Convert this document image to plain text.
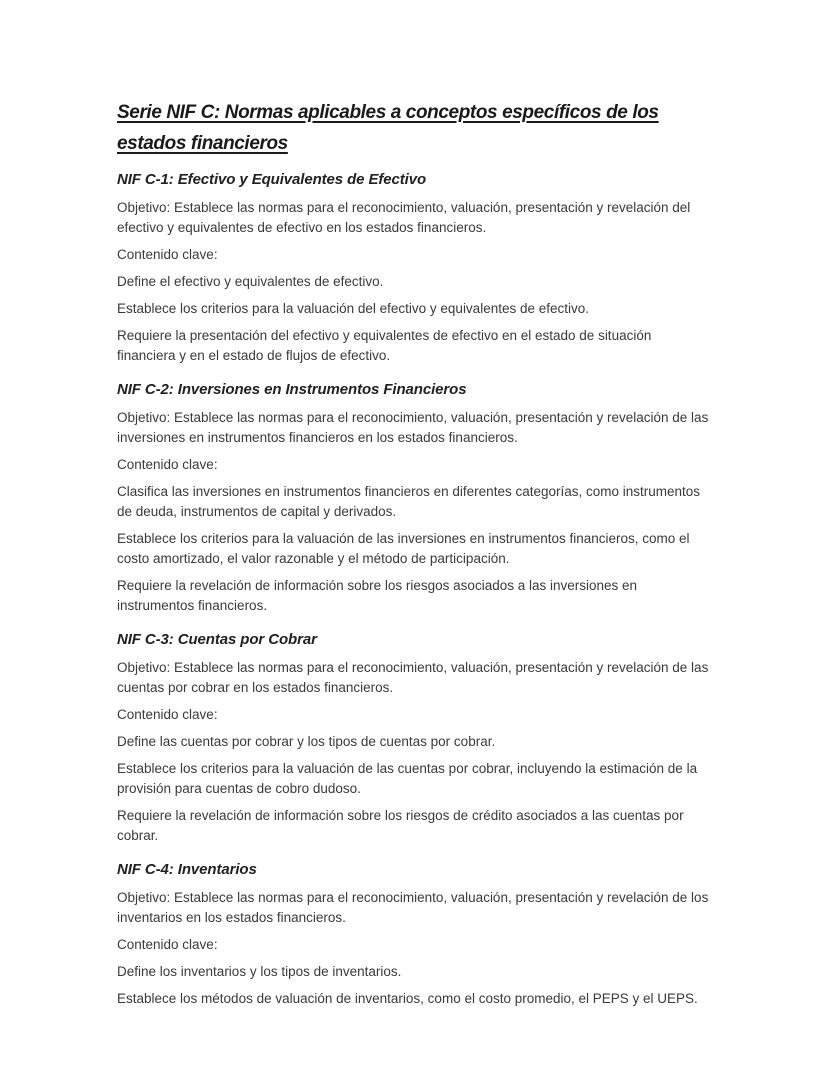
Serie NIF C: Normas aplicables a conceptos específicos de los
estados financieros
NIF C-1: Efectivo y Equivalentes de Efectivo

Objetivo: Establece las normas para el reconocimiento, valuación, presentación y revelación del efectivo y equivalentes de efectivo en los estados financieros.

Contenido clave:

Define el efectivo y equivalentes de efectivo.

Establece los criterios para la valuación del efectivo y equivalentes de efectivo.

Requiere la presentación del efectivo y equivalentes de efectivo en el estado de situación financiera y en el estado de flujos de efectivo.

NIF C-2: Inversiones en Instrumentos Financieros

Objetivo: Establece las normas para el reconocimiento, valuación, presentación y revelación de las inversiones en instrumentos financieros en los estados financieros.

Contenido clave:

Clasifica las inversiones en instrumentos financieros en diferentes categorías, como instrumentos de deuda, instrumentos de capital y derivados.

Establece los criterios para la valuación de las inversiones en instrumentos financieros, como el costo amortizado, el valor razonable y el método de participación.

Requiere la revelación de información sobre los riesgos asociados a las inversiones en instrumentos financieros.

NIF C-3: Cuentas por Cobrar

Objetivo: Establece las normas para el reconocimiento, valuación, presentación y revelación de las cuentas por cobrar en los estados financieros.

Contenido clave:

Define las cuentas por cobrar y los tipos de cuentas por cobrar.

Establece los criterios para la valuación de las cuentas por cobrar, incluyendo la estimación de la provisión para cuentas de cobro dudoso.

Requiere la revelación de información sobre los riesgos de crédito asociados a las cuentas por cobrar.

NIF C-4: Inventarios

Objetivo: Establece las normas para el reconocimiento, valuación, presentación y revelación de los inventarios en los estados financieros.

Contenido clave:

Define los inventarios y los tipos de inventarios.

Establece los métodos de valuación de inventarios, como el costo promedio, el PEPS y el UEPS.
